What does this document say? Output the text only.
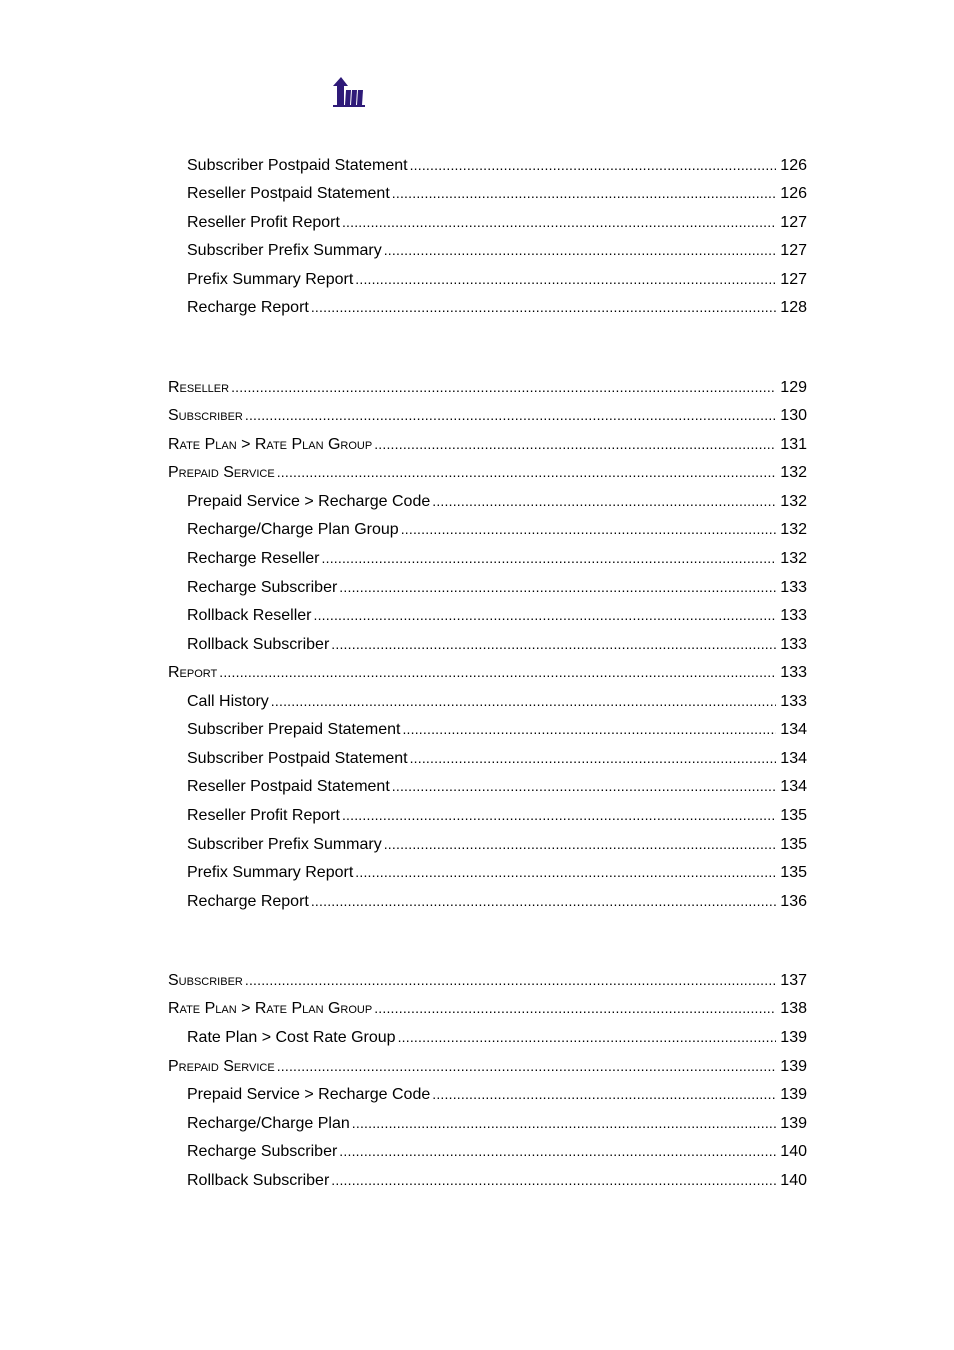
Subscriber Postpaid Statement .....	126
Reseller Postpaid Statement .....	126
Reseller Profit Report .....	127
Subscriber Prefix Summary .....	127
Prefix Summary Report .....	127
Recharge Report .....	128
Reseller .....	129
Subscriber .....	130
Rate Plan > Rate Plan Group .....	131
Prepaid Service .....	132
Prepaid Service > Recharge Code .....	132
Recharge/Charge Plan Group .....	132
Recharge Reseller .....	132
Recharge Subscriber .....	133
Rollback Reseller .....	133
Rollback Subscriber .....	133
Report .....	133
Call History .....	133
Subscriber Prepaid Statement .....	134
Subscriber Postpaid Statement .....	134
Reseller Postpaid Statement .....	134
Reseller Profit Report .....	135
Subscriber Prefix Summary .....	135
Prefix Summary Report .....	135
Recharge Report .....	136
Subscriber .....	137
Rate Plan > Rate Plan Group .....	138
Rate Plan > Cost Rate Group .....	139
Prepaid Service .....	139
Prepaid Service > Recharge Code .....	139
Recharge/Charge Plan .....	139
Recharge Subscriber .....	140
Rollback Subscriber .....	140
